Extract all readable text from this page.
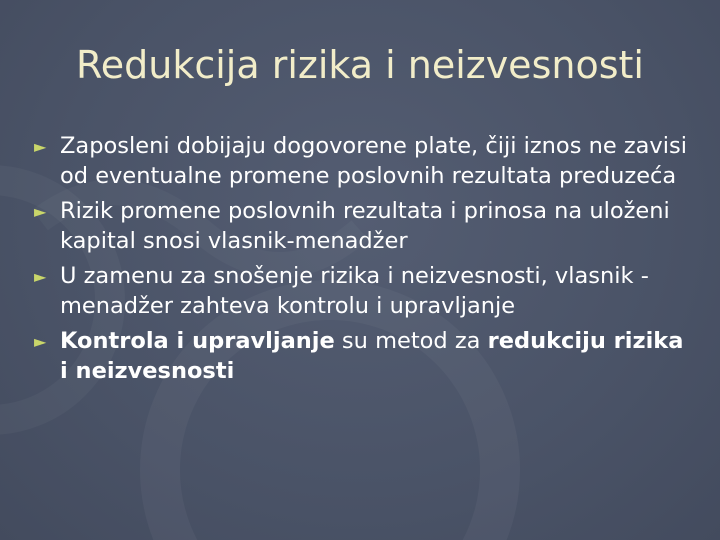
Redukcija rizika i neizvesnosti
► Zaposleni dobijaju dogovorene plate, čiji iznos ne zavisi od eventualne promene poslovnih rezultata preduzeća
► Rizik promene poslovnih rezultata i prinosa na uloženi kapital snosi vlasnik-menadžer
► U zamenu za snošenje rizika i neizvesnosti, vlasnik -menadžer zahteva kontrolu i upravljanje
► Kontrola i upravljanje su metod za redukciju rizika i neizvesnosti
